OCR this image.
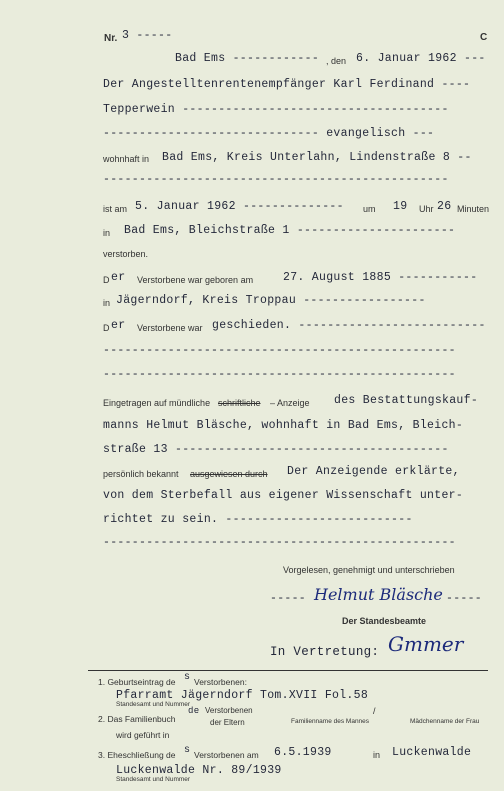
Nr. 3 -----	C
Bad Ems ------------ , den 6. Januar 1962 ---
Der Angestelltenrentenempfänger Karl Ferdinand ----
Tepperwein -------------------------------------
------------------------------ evangelisch ---
wohnhaft in Bad Ems, Kreis Unterlahn, Lindenstraße 8 --
------------------------------------------------
ist am 5. Januar 1962 -------------- um 19 Uhr 26 Minuten
in Bad Ems, Bleichstraße 1 ----------------------
verstorben.
D er Verstorbene war geboren am	27. August 1885 -----------
in Jägerndorf, Kreis Troppau -----------------
D er Verstorbene war geschieden. --------------------------
-------------------------------------------------
-------------------------------------------------
Eingetragen auf mündliche schriftliche – Anzeige des Bestattungskauf-
manns Helmut Bläsche, wohnhaft in Bad Ems, Bleich-
straße 13 --------------------------------------
persönlich bekannt ausgewiesen durch Der Anzeigende erklärte,
von dem Sterbefall aus eigener Wissenschaft unter-
richtet zu sein. --------------------------
-------------------------------------------------
Vorgelesen, genehmigt und unterschrieben
----- Helmut Bläsche -----
Der Standesbeamte
In Vertretung: Gmmer
1. Geburtseintrag de s Verstorbenen:
Pfarramt Jägerndorf Tom.XVII Fol.58
Standesamt und Nummer
2. Das Familienbuch
de Verstorbenen
der Eltern	Familienname des Mannes
/
Mädchenname der Frau
wird geführt in
3. Eheschließung de s Verstorbenen am 6.5.1939	in Luckenwalde
Luckenwalde Nr. 89/1939
Standesamt und Nummer
